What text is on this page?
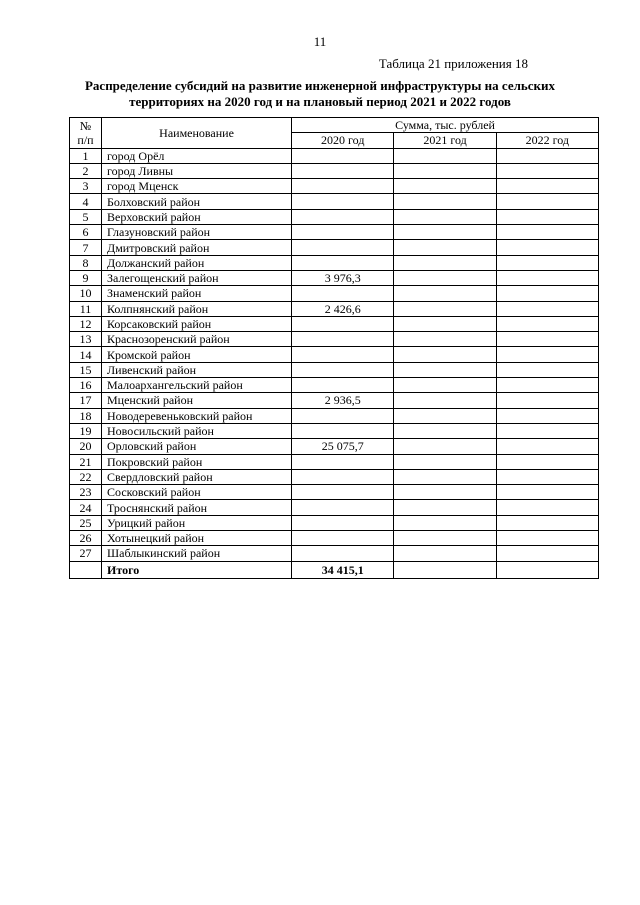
11
Таблица 21 приложения 18
Распределение субсидий на развитие инженерной инфраструктуры на сельских
территориях на 2020 год и на плановый период 2021 и 2022 годов
№
п/п	Наименование	Сумма, тыс. рублей		
		2020 год	2021 год	2022 год
1	город Орёл			
2	город Ливны			
3	город Мценск			
4	Болховский район			
5	Верховский район			
6	Глазуновский район			
7	Дмитровский район			
8	Должанский район			
9	Залегощенский район	3 976,3		
10	Знаменский район			
11	Колпнянский район	2 426,6		
12	Корсаковский район			
13	Краснозоренский район			
14	Кромской район			
15	Ливенский район			
16	Малоархангельский район			
17	Мценский район	2 936,5		
18	Новодеревеньковский район			
19	Новосильский район			
20	Орловский район	25 075,7		
21	Покровский район			
22	Свердловский район			
23	Сосковский район			
24	Троснянский район			
25	Урицкий район			
26	Хотынецкий район			
27	Шаблыкинский район			
	Итого	34 415,1		
